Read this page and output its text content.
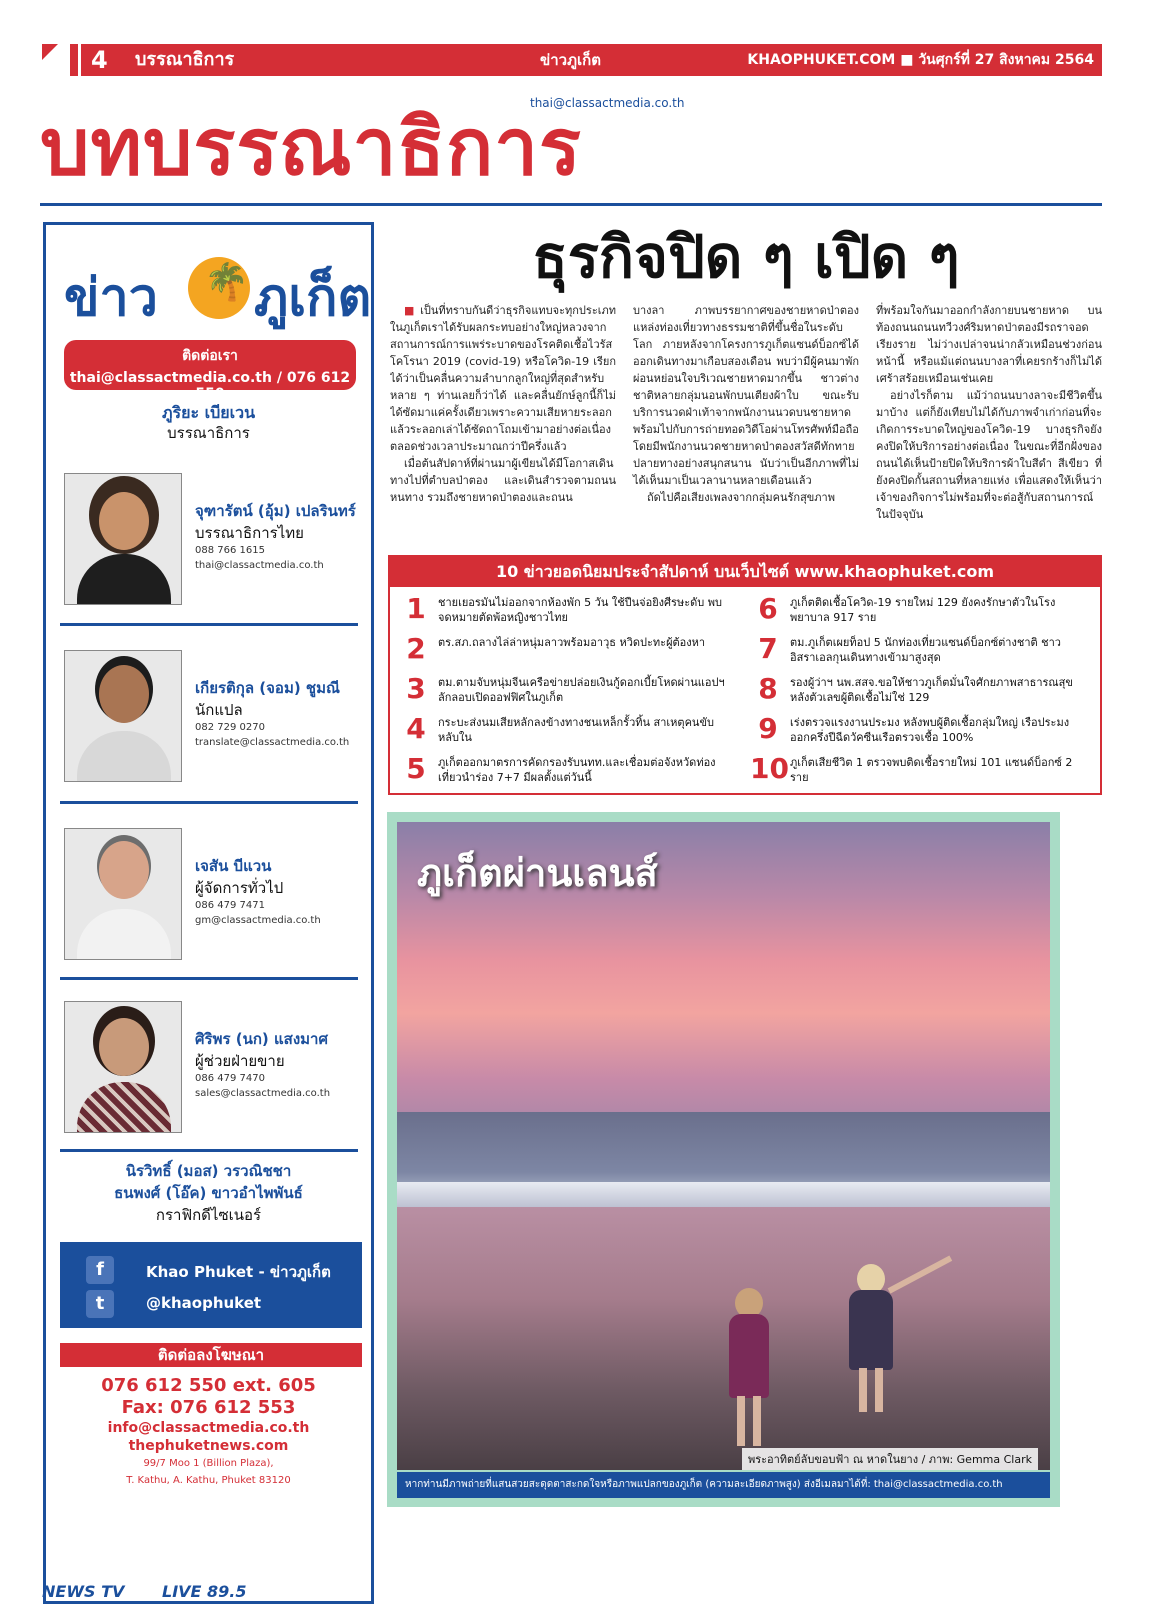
4 บรรณาธิการ	ข่าวภูเก็ต	KHAOPHUKET.COM ■ วันศุกร์ที่ 27 สิงหาคม 2564
thai@classactmedia.co.th
บทบรรณาธิการ
ข่าว 🌴 ภูเก็ต
ติดต่อเรา
thai@classactmedia.co.th / 076 612 550
ภูริยะ เบียเวน
บรรณาธิการ
จุฑารัตน์ (อุ้ม) เปลรินทร์
บรรณาธิการไทย
088 766 1615
thai@classactmedia.co.th
เกียรติกุล (จอม) ชูมณี
นักแปล
082 729 0270
translate@classactmedia.co.th
เจสัน บีแวน
ผู้จัดการทั่วไป
086 479 7471
gm@classactmedia.co.th
ศิริพร (นก) แสงมาศ
ผู้ช่วยฝ่ายขาย
086 479 7470
sales@classactmedia.co.th
นิรวิทธิ์ (มอส) วรวณิชชา
ธนพงศ์ (โอ๊ค) ขาวอำไพพันธ์
กราฟิกดีไซเนอร์
f	Khao Phuket - ข่าวภูเก็ต
t	@khaophuket
ติดต่อลงโฆษณา
076 612 550 ext. 605
Fax: 076 612 553
info@classactmedia.co.th
thephuketnews.com
99/7 Moo 1 (Billion Plaza),
T. Kathu, A. Kathu, Phuket 83120
NEWS TV LIVE 89.5
ธุรกิจปิด ๆ เปิด ๆ

■ เป็นที่ทราบกันดีว่าธุรกิจแทบจะทุกประเภทในภูเก็ตเราได้รับผลกระทบอย่างใหญ่หลวงจากสถานการณ์การแพร่ระบาดของโรคติดเชื้อไวรัสโคโรนา 2019 (covid-19) หรือโควิด-19 เรียกได้ว่าเป็นคลื่นความลำบากลูกใหญ่ที่สุดสำหรับหลาย ๆ ท่านเลยก็ว่าได้ และคลื่นยักษ์ลูกนี้ก็ไม่ได้ซัดมาแค่ครั้งเดียวเพราะความเสียหายระลอกแล้วระลอกเล่าได้ซัดถาโถมเข้ามาอย่างต่อเนื่อง ตลอดช่วงเวลาประมาณกว่าปีครึ่งแล้ว

เมื่อต้นสัปดาห์ที่ผ่านมาผู้เขียนได้มีโอกาสเดินทางไปที่ตำบลป่าตอง และเดินสำรวจตามถนนหนทาง รวมถึงชายหาดป่าตองและถนน

บางลา ภาพบรรยากาศของชายหาดป่าตอง แหล่งท่องเที่ยวทางธรรมชาติที่ขึ้นชื่อในระดับโลก ภายหลังจากโครงการภูเก็ตแซนด์บ็อกซ์ได้ออกเดินทางมาเกือบสองเดือน พบว่ามีผู้คนมาพักผ่อนหย่อนใจบริเวณชายหาดมากขึ้น ชาวต่างชาติหลายกลุ่มนอนพักบนเตียงผ้าใบ ขณะรับบริการนวดฝ่าเท้าจากพนักงานนวดบนชายหาด พร้อมไปกับการถ่ายทอดวิดีโอผ่านโทรศัพท์มือถือ โดยมีพนักงานนวดชายหาดป่าตองสวัสดีทักทายปลายทางอย่างสนุกสนาน นับว่าเป็นอีกภาพที่ไม่ได้เห็นมาเป็นเวลานานหลายเดือนแล้ว

ถัดไปคือเสียงเพลงจากกลุ่มคนรักสุขภาพ

ที่พร้อมใจกันมาออกกำลังกายบนชายหาด บนท้องถนนถนนทวีวงศ์ริมหาดป่าตองมีรถราจอดเรียงราย ไม่ว่างเปล่าจนน่ากลัวเหมือนช่วงก่อนหน้านี้ หรือแม้แต่ถนนบางลาที่เคยรกร้างก็ไม่ได้เศร้าสร้อยเหมือนเช่นเคย

อย่างไรก็ตาม แม้ว่าถนนบางลาจะมีชีวิตขึ้นมาบ้าง แต่ก็ยังเทียบไม่ได้กับภาพจำเก่าก่อนที่จะเกิดการระบาดใหญ่ของโควิด-19 บางธุรกิจยังคงปิดให้บริการอย่างต่อเนื่อง ในขณะที่อีกฝั่งของถนนได้เห็นป้ายปิดให้บริการผ้าใบสีดำ สีเขียว ที่ยังคงปิดกั้นสถานที่หลายแห่ง เพื่อแสดงให้เห็นว่าเจ้าของกิจการไม่พร้อมที่จะต่อสู้กับสถานการณ์ในปัจจุบัน

10 ข่าวยอดนิยมประจำสัปดาห์ บนเว็บไซต์ www.khaophuket.com
1	ชายเยอรมันไม่ออกจากห้องพัก 5 วัน ใช้ปืนจ่อยิงศีรษะดับ พบจดหมายตัดพ้อหญิงชาวไทย
2	ตร.สภ.ถลางไล่ล่าหนุ่มลาวพร้อมอาวุธ หวิดปะทะผู้ต้องหา
3	ตม.ตามจับหนุ่มจีนเครือข่ายปล่อยเงินกู้ดอกเบี้ยโหดผ่านแอปฯ ลักลอบเปิดออฟฟิศในภูเก็ต
4	กระบะส่งนมเสียหลักลงข้างทางชนเหล็กรั้วทิ้น สาเหตุคนขับหลับใน
5	ภูเก็ตออกมาตรการคัดกรองรับนทท.และเชื่อมต่อจังหวัดท่องเที่ยวนำร่อง 7+7 มีผลตั้งแต่วันนี้
6	ภูเก็ตติดเชื้อโควิด-19 รายใหม่ 129 ยังคงรักษาตัวในโรงพยาบาล 917 ราย
7	ตม.ภูเก็ตเผยท็อป 5 นักท่องเที่ยวแซนด์บ็อกซ์ต่างชาติ ชาวอิสราเอลกุนเดินทางเข้ามาสูงสุด
8	รองผู้ว่าฯ นพ.สสจ.ขอให้ชาวภูเก็ตมั่นใจศักยภาพสาธารณสุข หลังตัวเลขผู้ติดเชื้อไม่ใช่ 129
9	เร่งตรวจแรงงานประมง หลังพบผู้ติดเชื้อกลุ่มใหญ่ เรือประมงออกครึ่งปีฉีดวัคซีนเรือตรวจเชื้อ 100%
10 ภูเก็ตเสียชีวิต 1 ตรวจพบติดเชื้อรายใหม่ 101 แซนด์บ็อกซ์ 2 ราย
ภูเก็ตผ่านเลนส์
พระอาทิตย์ลับขอบฟ้า ณ หาดในยาง / ภาพ: Gemma Clark
หากท่านมีภาพถ่ายที่แสนสวยสะดุดตาสะกดใจหรือภาพแปลกของภูเก็ต (ความละเอียดภาพสูง) ส่งอีเมลมาได้ที่: thai@classactmedia.co.th
